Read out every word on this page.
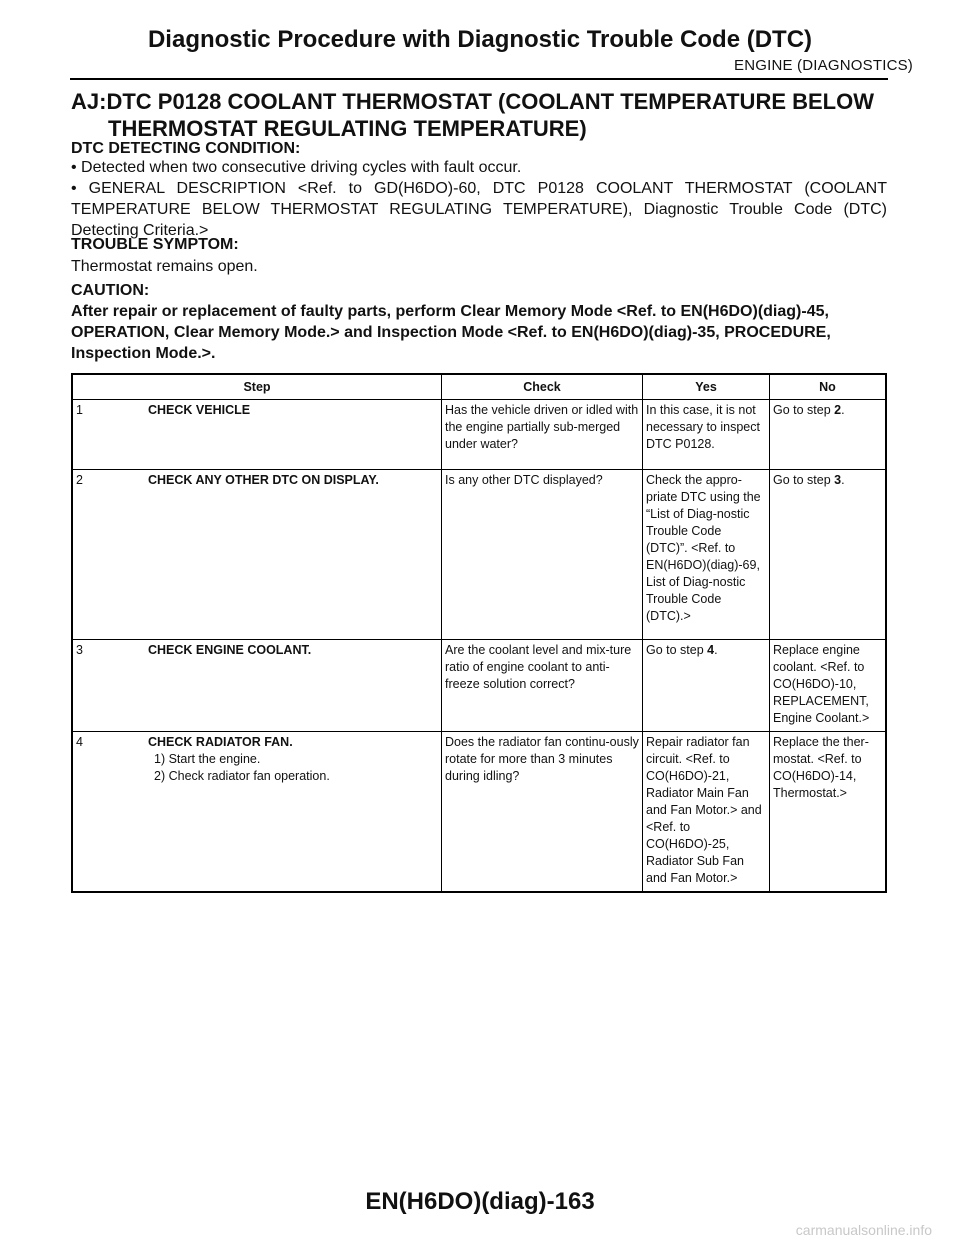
Diagnostic Procedure with Diagnostic Trouble Code (DTC)
ENGINE (DIAGNOSTICS)
AJ:DTC P0128 COOLANT THERMOSTAT (COOLANT TEMPERATURE BELOW
THERMOSTAT REGULATING TEMPERATURE)
DTC DETECTING CONDITION:
• Detected when two consecutive driving cycles with fault occur.
• GENERAL DESCRIPTION <Ref. to GD(H6DO)-60, DTC P0128 COOLANT THERMOSTAT (COOLANT TEMPERATURE BELOW THERMOSTAT REGULATING TEMPERATURE), Diagnostic Trouble Code (DTC) Detecting Criteria.>
TROUBLE SYMPTOM:
Thermostat remains open.
CAUTION:
After repair or replacement of faulty parts, perform Clear Memory Mode <Ref. to EN(H6DO)(diag)-45, OPERATION, Clear Memory Mode.> and Inspection Mode <Ref. to EN(H6DO)(diag)-35, PROCEDURE, Inspection Mode.>.
Step		Check	Yes	No
1	CHECK VEHICLE	Has the vehicle driven or idled with the engine partially sub-merged under water?	In this case, it is not necessary to inspect DTC P0128.	Go to step 2.
2	CHECK ANY OTHER DTC ON DISPLAY.	Is any other DTC displayed?	Check the appro-priate DTC using the “List of Diag-nostic Trouble Code (DTC)”. <Ref. to EN(H6DO)(diag)-69, List of Diag-nostic Trouble Code (DTC).>	Go to step 3.
3	CHECK ENGINE COOLANT.	Are the coolant level and mix-ture ratio of engine coolant to anti-freeze solution correct?	Go to step 4.	Replace engine coolant. <Ref. to CO(H6DO)-10, REPLACEMENT, Engine Coolant.>
4	CHECK RADIATOR FAN.
1) Start the engine.
2) Check radiator fan operation.	Does the radiator fan continu-ously rotate for more than 3 minutes during idling?	Repair radiator fan circuit. <Ref. to CO(H6DO)-21, Radiator Main Fan and Fan Motor.> and <Ref. to CO(H6DO)-25, Radiator Sub Fan and Fan Motor.>	Replace the ther-mostat. <Ref. to CO(H6DO)-14, Thermostat.>
EN(H6DO)(diag)-163
carmanualsonline.info
